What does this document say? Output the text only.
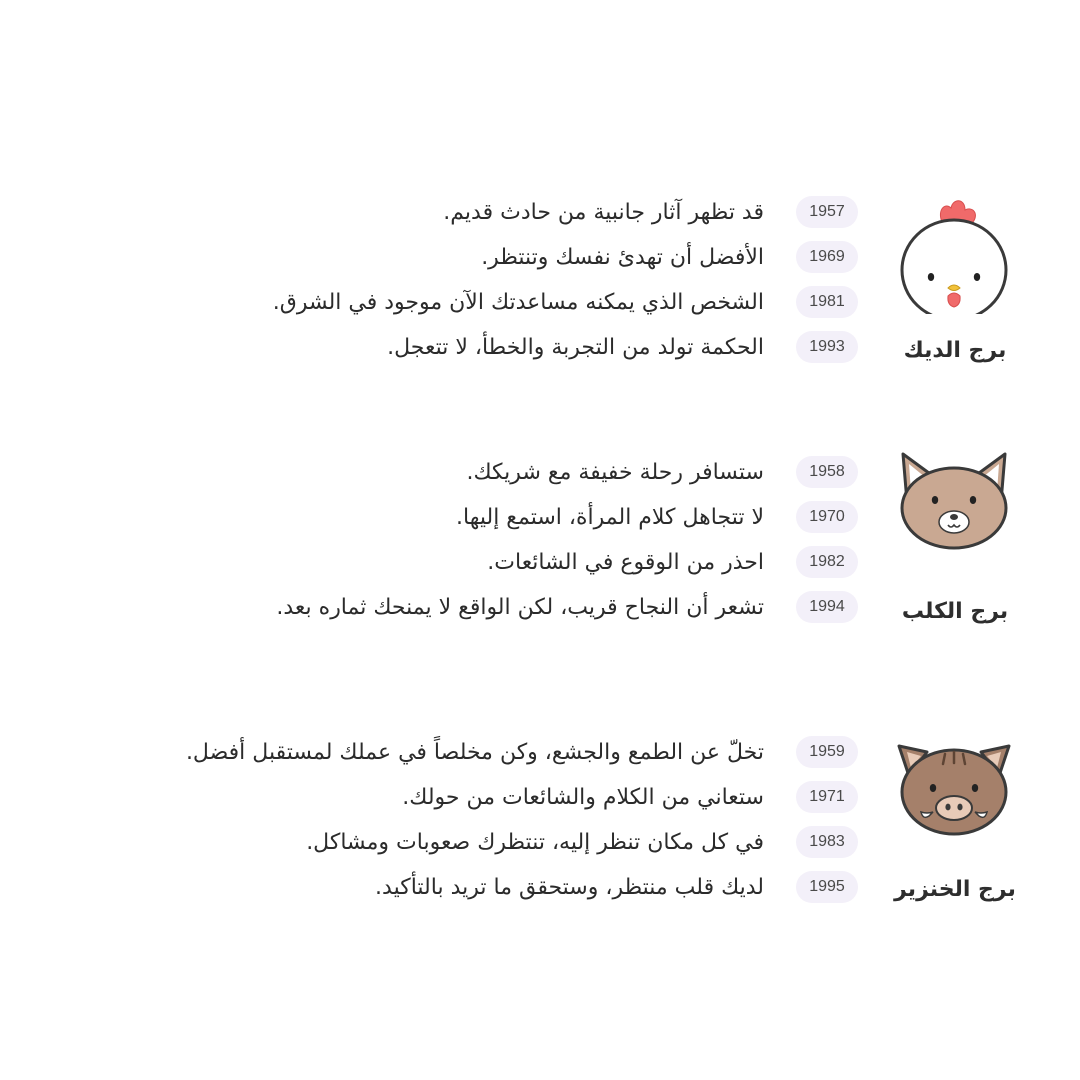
برج الديك
1957
قد تظهر آثار جانبية من حادث قديم.
1969
الأفضل أن تهدئ نفسك وتنتظر.
1981
الشخص الذي يمكنه مساعدتك الآن موجود في الشرق.
1993
الحكمة تولد من التجربة والخطأ، لا تتعجل.
برج الكلب
1958
ستسافر رحلة خفيفة مع شريكك.
1970
لا تتجاهل كلام المرأة، استمع إليها.
1982
احذر من الوقوع في الشائعات.
1994
تشعر أن النجاح قريب، لكن الواقع لا يمنحك ثماره بعد.
برج الخنزير
1959
تخلّ عن الطمع والجشع، وكن مخلصاً في عملك لمستقبل أفضل.
1971
ستعاني من الكلام والشائعات من حولك.
1983
في كل مكان تنظر إليه، تنتظرك صعوبات ومشاكل.
1995
لديك قلب منتظر، وستحقق ما تريد بالتأكيد.
